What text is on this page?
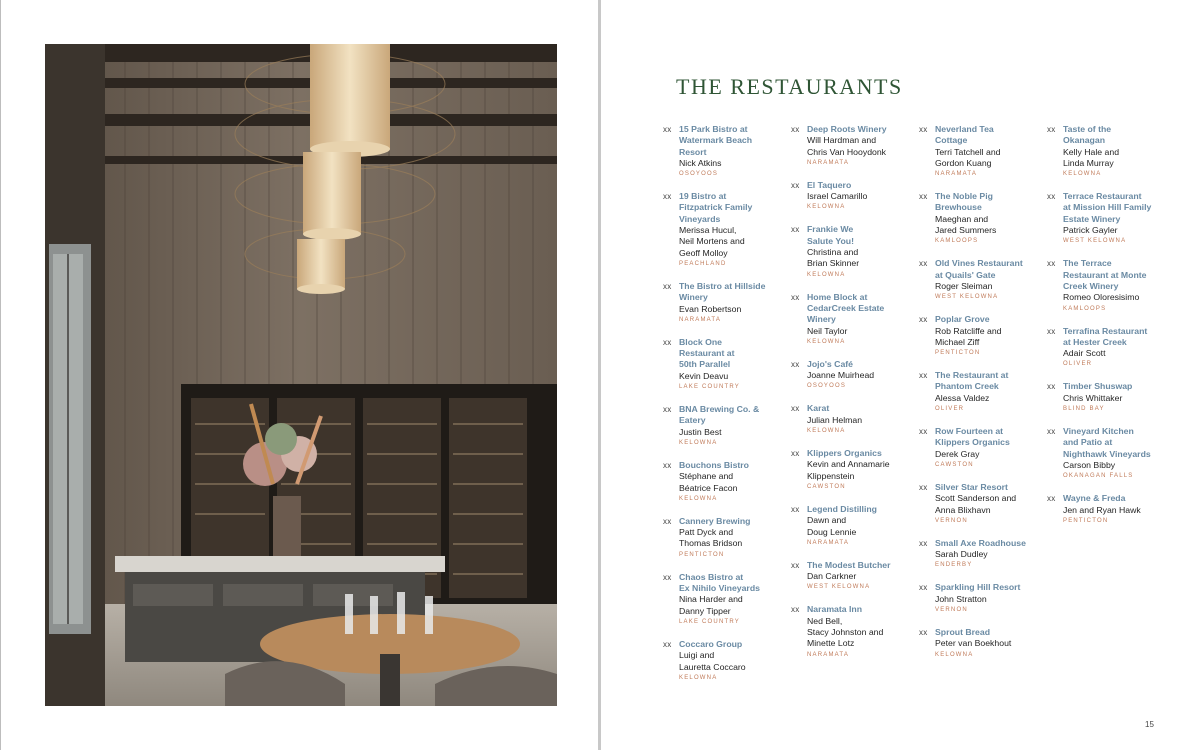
THE RESTAURANTS
xx 15 Park Bistro at
Watermark Beach
Resort
Nick Atkins
OSOYOOS
xx 19 Bistro at
Fitzpatrick Family
Vineyards
Merissa Hucul,
Neil Mortens and
Geoff Molloy
PEACHLAND
xx The Bistro at Hillside
Winery
Evan Robertson
NARAMATA
xx Block One
Restaurant at
50th Parallel
Kevin Deavu
LAKE COUNTRY
xx BNA Brewing Co. &
Eatery
Justin Best
KELOWNA
xx Bouchons Bistro
Stéphane and
Béatrice Facon
KELOWNA
xx Cannery Brewing
Patt Dyck and
Thomas Bridson
PENTICTON
xx Chaos Bistro at
Ex Nihilo Vineyards
Nina Harder and
Danny Tipper
LAKE COUNTRY
xx Coccaro Group
Luigi and
Lauretta Coccaro
KELOWNA
xx Deep Roots Winery
Will Hardman and
Chris Van Hooydonk
NARAMATA
xx El Taquero
Israel Camarillo
KELOWNA
xx Frankie We
Salute You!
Christina and
Brian Skinner
KELOWNA
xx Home Block at
CedarCreek Estate
Winery
Neil Taylor
KELOWNA
xx Jojo's Café
Joanne Muirhead
OSOYOOS
xx Karat
Julian Helman
KELOWNA
xx Klippers Organics
Kevin and Annamarie
Klippenstein
CAWSTON
xx Legend Distilling
Dawn and
Doug Lennie
NARAMATA
xx The Modest Butcher
Dan Carkner
WEST KELOWNA
xx Naramata Inn
Ned Bell,
Stacy Johnston and
Minette Lotz
NARAMATA
xx Neverland Tea
Cottage
Terri Tatchell and
Gordon Kuang
NARAMATA
xx The Noble Pig
Brewhouse
Maeghan and
Jared Summers
KAMLOOPS
xx Old Vines Restaurant
at Quails' Gate
Roger Sleiman
WEST KELOWNA
xx Poplar Grove
Rob Ratcliffe and
Michael Ziff
PENTICTON
xx The Restaurant at
Phantom Creek
Alessa Valdez
OLIVER
xx Row Fourteen at
Klippers Organics
Derek Gray
CAWSTON
xx Silver Star Resort
Scott Sanderson and
Anna Blixhavn
VERNON
xx Small Axe Roadhouse
Sarah Dudley
ENDERBY
xx Sparkling Hill Resort
John Stratton
VERNON
xx Sprout Bread
Peter van Boekhout
KELOWNA
xx Taste of the
Okanagan
Kelly Hale and
Linda Murray
KELOWNA
xx Terrace Restaurant
at Mission Hill Family
Estate Winery
Patrick Gayler
WEST KELOWNA
xx The Terrace
Restaurant at Monte
Creek Winery
Romeo Oloresisimo
KAMLOOPS
xx Terrafina Restaurant
at Hester Creek
Adair Scott
OLIVER
xx Timber Shuswap
Chris Whittaker
BLIND BAY
xx Vineyard Kitchen
and Patio at
Nighthawk Vineyards
Carson Bibby
OKANAGAN FALLS
xx Wayne & Freda
Jen and Ryan Hawk
PENTICTON
15
